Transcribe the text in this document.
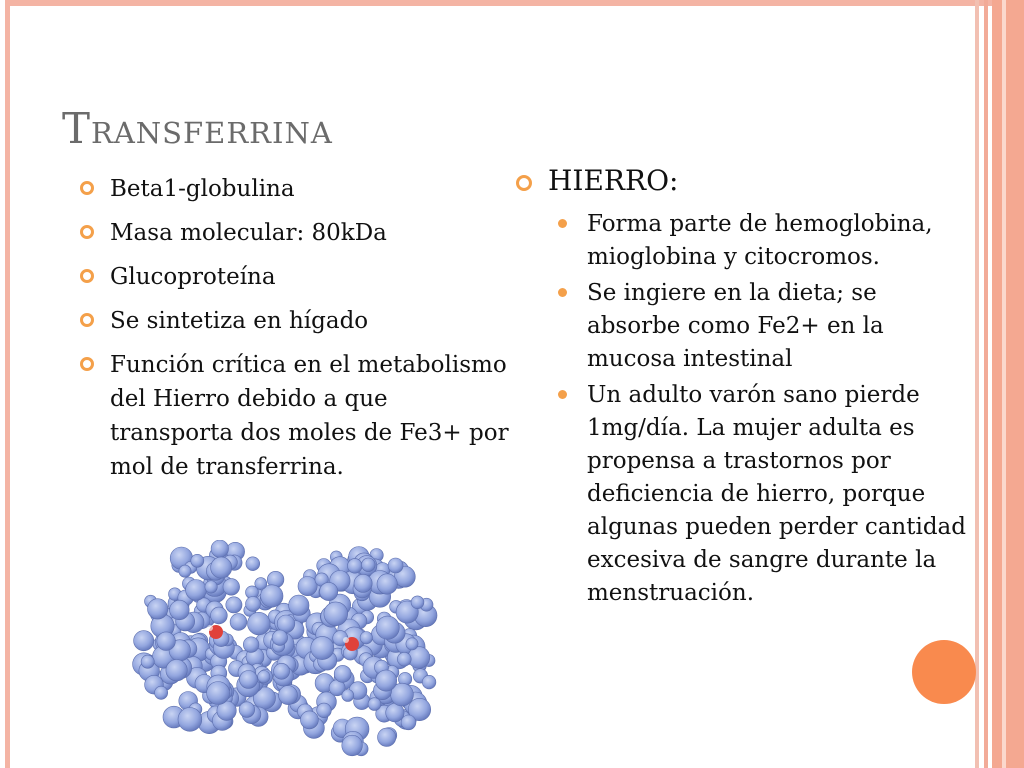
Transferrina
Beta1-globulina
Masa molecular: 80kDa
Glucoproteína
Se sintetiza en hígado
Función crítica en el metabolismo del Hierro debido a que transporta dos moles de Fe3+ por mol de transferrina.
HIERRO:
Forma parte de hemoglobina, mioglobina y citocromos.
Se ingiere en la dieta; se absorbe como Fe2+ en la mucosa intestinal
Un adulto varón sano pierde 1mg/día. La mujer adulta es propensa a trastornos por deficiencia de hierro, porque algunas pueden perder cantidad excesiva de sangre durante la menstruación.
